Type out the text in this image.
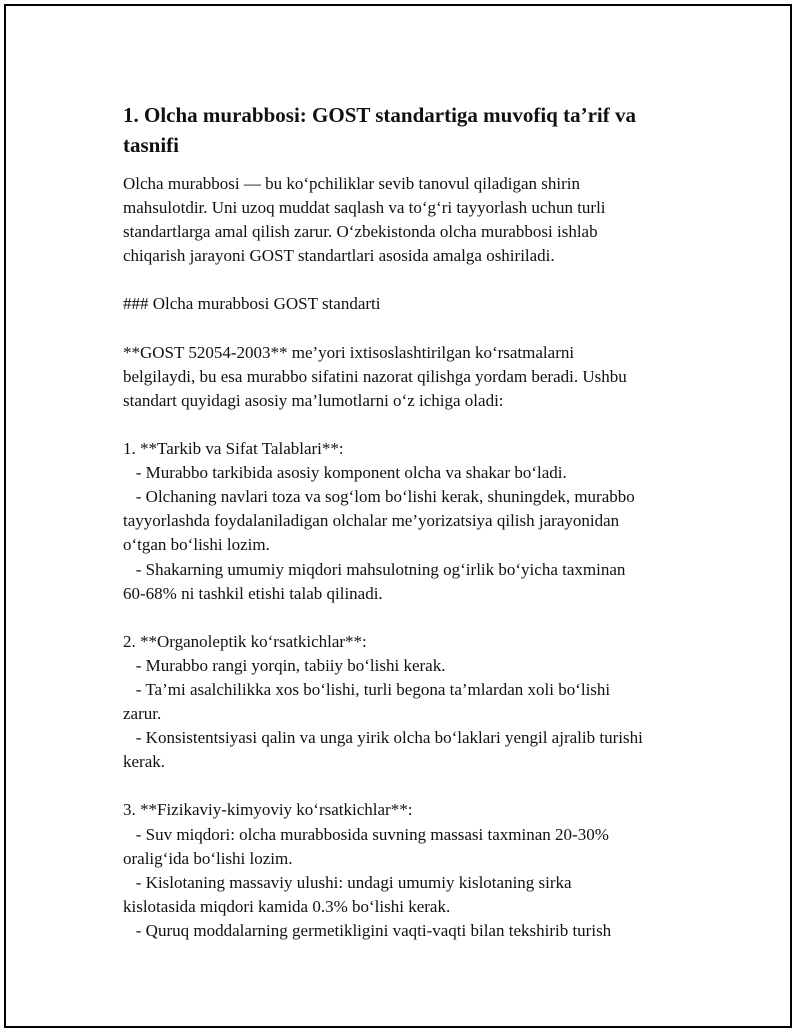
1. Olcha murabbosi: GOST standartiga muvofiq ta’rif va
tasnifi
Olcha murabbosi — bu ko‘pchiliklar sevib tanovul qiladigan shirin
mahsulotdir. Uni uzoq muddat saqlash va to‘g‘ri tayyorlash uchun turli
standartlarga amal qilish zarur. O‘zbekistonda olcha murabbosi ishlab
chiqarish jarayoni GOST standartlari asosida amalga oshiriladi.
### Olcha murabbosi GOST standarti
**GOST 52054-2003** me’yori ixtisoslashtirilgan ko‘rsatmalarni
belgilaydi, bu esa murabbo sifatini nazorat qilishga yordam beradi. Ushbu
standart quyidagi asosiy ma’lumotlarni o‘z ichiga oladi:
1. **Tarkib va Sifat Talablari**:
- Murabbo tarkibida asosiy komponent olcha va shakar bo‘ladi.
- Olchaning navlari toza va sog‘lom bo‘lishi kerak, shuningdek, murabbo
tayyorlashda foydalaniladigan olchalar me’yorizatsiya qilish jarayonidan
o‘tgan bo‘lishi lozim.
- Shakarning umumiy miqdori mahsulotning og‘irlik bo‘yicha taxminan
60-68% ni tashkil etishi talab qilinadi.
2. **Organoleptik ko‘rsatkichlar**:
- Murabbo rangi yorqin, tabiiy bo‘lishi kerak.
- Ta’mi asalchilikka xos bo‘lishi, turli begona ta’mlardan xoli bo‘lishi
zarur.
- Konsistentsiyasi qalin va unga yirik olcha bo‘laklari yengil ajralib turishi
kerak.
3. **Fizikaviy-kimyoviy ko‘rsatkichlar**:
- Suv miqdori: olcha murabbosida suvning massasi taxminan 20-30%
oralig‘ida bo‘lishi lozim.
- Kislotaning massaviy ulushi: undagi umumiy kislotaning sirka
kislotasida miqdori kamida 0.3% bo‘lishi kerak.
- Quruq moddalarning germetikligini vaqti-vaqti bilan tekshirib turish
